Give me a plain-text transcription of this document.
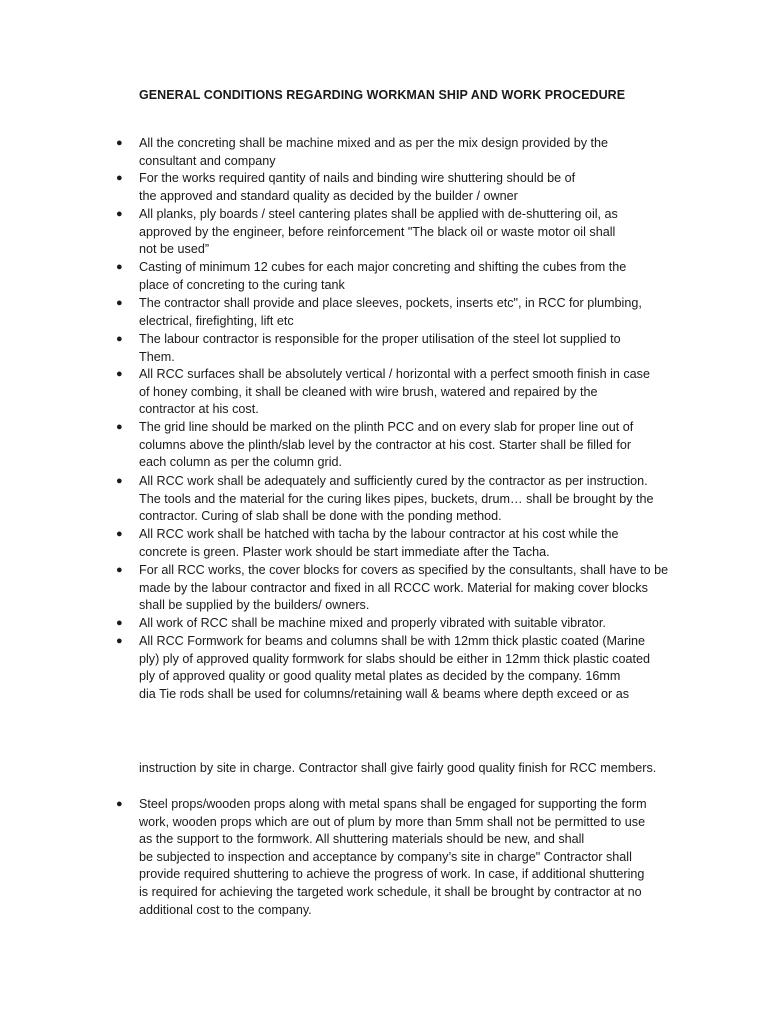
GENERAL CONDITIONS REGARDING WORKMAN SHIP AND WORK PROCEDURE
● All the concreting shall be machine mixed and as per the mix design provided by the
consultant and company
● For the works required qantity of nails and binding wire shuttering should be of
the approved and standard quality as decided by the builder / owner
● All planks, ply boards / steel cantering plates shall be applied with de-shuttering oil, as
approved by the engineer, before reinforcement "The black oil or waste motor oil shall
not be used”
● Casting of minimum 12 cubes for each major concreting and shifting the cubes from the
place of concreting to the curing tank
● The contractor shall provide and place sleeves, pockets, inserts etc", in RCC for plumbing,
electrical, firefighting, lift etc
● The labour contractor is responsible for the proper utilisation of the steel lot supplied to
Them.
● All RCC surfaces shall be absolutely vertical / horizontal with a perfect smooth finish in case
of honey combing, it shall be cleaned with wire brush, watered and repaired by the
contractor at his cost.
● The grid line should be marked on the plinth PCC and on every slab for proper line out of
columns above the plinth/slab level by the contractor at his cost. Starter shall be filled for
each column as per the column grid.
● All RCC work shall be adequately and sufficiently cured by the contractor as per instruction.
The tools and the material for the curing likes pipes, buckets, drum… shall be brought by the
contractor. Curing of slab shall be done with the ponding method.
● All RCC work shall be hatched with tacha by the labour contractor at his cost while the
concrete is green. Plaster work should be start immediate after the Tacha.
● For all RCC works, the cover blocks for covers as specified by the consultants, shall have to be
made by the labour contractor and fixed in all RCCC work. Material for making cover blocks
shall be supplied by the builders/ owners.
● All work of RCC shall be machine mixed and properly vibrated with suitable vibrator.
● All RCC Formwork for beams and columns shall be with 12mm thick plastic coated (Marine
ply) ply of approved quality formwork for slabs should be either in 12mm thick plastic coated
ply of approved quality or good quality metal plates as decided by the company. 16mm
dia Tie rods shall be used for columns/retaining wall & beams where depth exceed or as
instruction by site in charge. Contractor shall give fairly good quality finish for RCC members.
● Steel props/wooden props along with metal spans shall be engaged for supporting the form
work, wooden props which are out of plum by more than 5mm shall not be permitted to use
as the support to the formwork. All shuttering materials should be new, and shall
be subjected to inspection and acceptance by company’s site in charge" Contractor shall
provide required shuttering to achieve the progress of work. In case, if additional shuttering
is required for achieving the targeted work schedule, it shall be brought by contractor at no
additional cost to the company.
